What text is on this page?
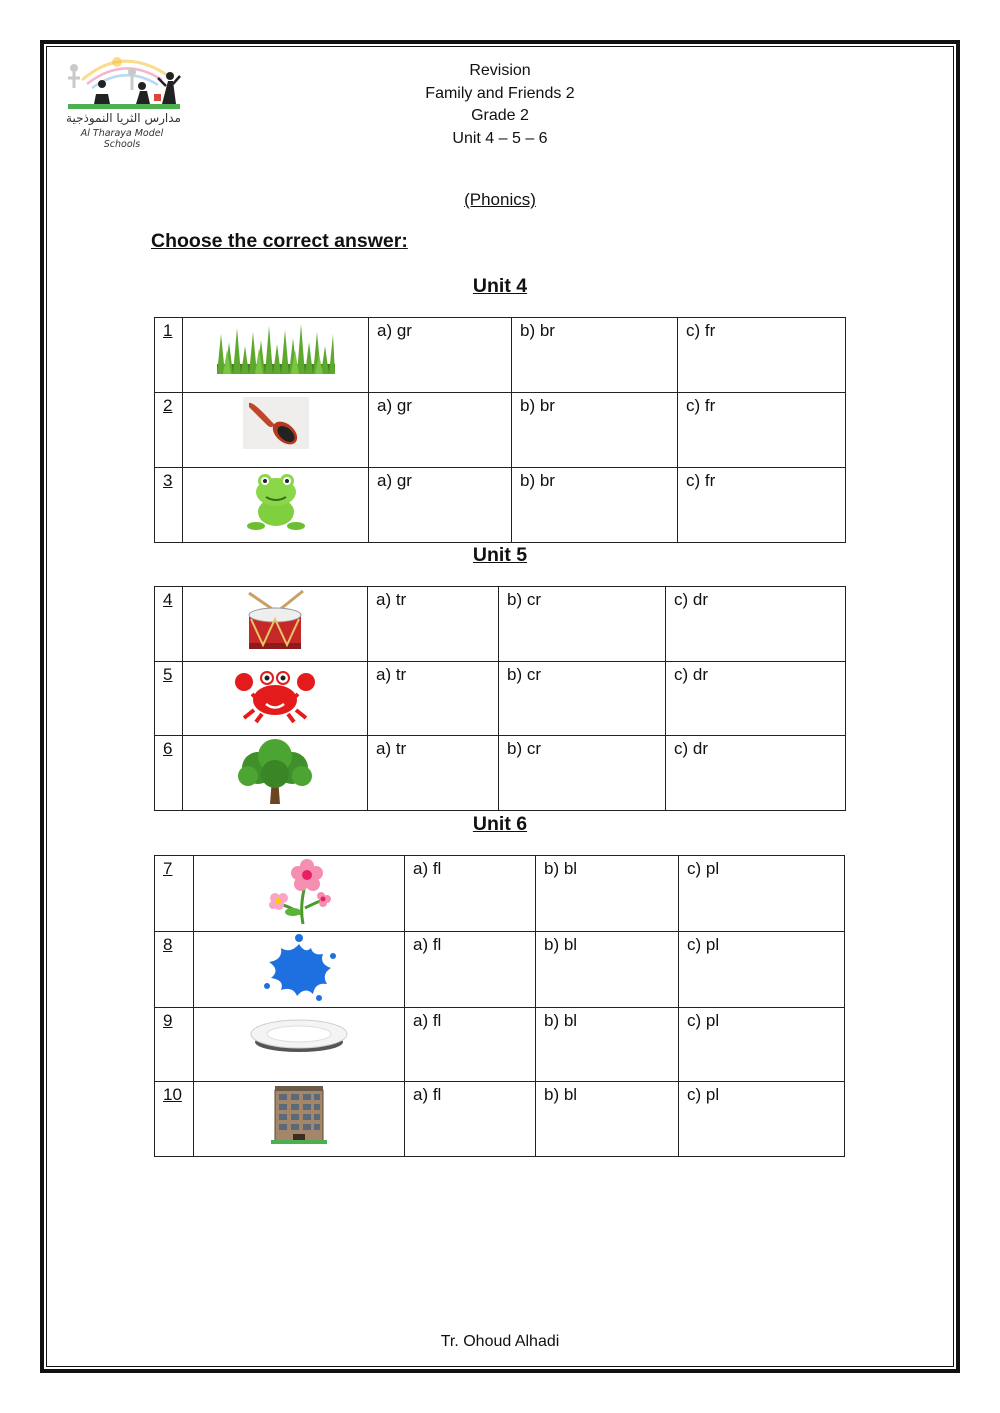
مدارس الثريا النموذجية
Al Tharaya Model Schools
Revision
Family and Friends 2
Grade 2
Unit 4 – 5 – 6
(Phonics)
Choose the correct answer:
Unit 4
1		a) gr	b) br	c) fr
2		a) gr	b) br	c) fr
3		a) gr	b) br	c) fr
Unit 5
4		a) tr	b) cr	c) dr
5		a) tr	b) cr	c) dr
6		a) tr	b) cr	c) dr
Unit 6
7		a) fl	b) bl	c) pl
8		a) fl	b) bl	c) pl
9		a) fl	b) bl	c) pl
10		a) fl	b) bl	c) pl
Tr. Ohoud Alhadi
